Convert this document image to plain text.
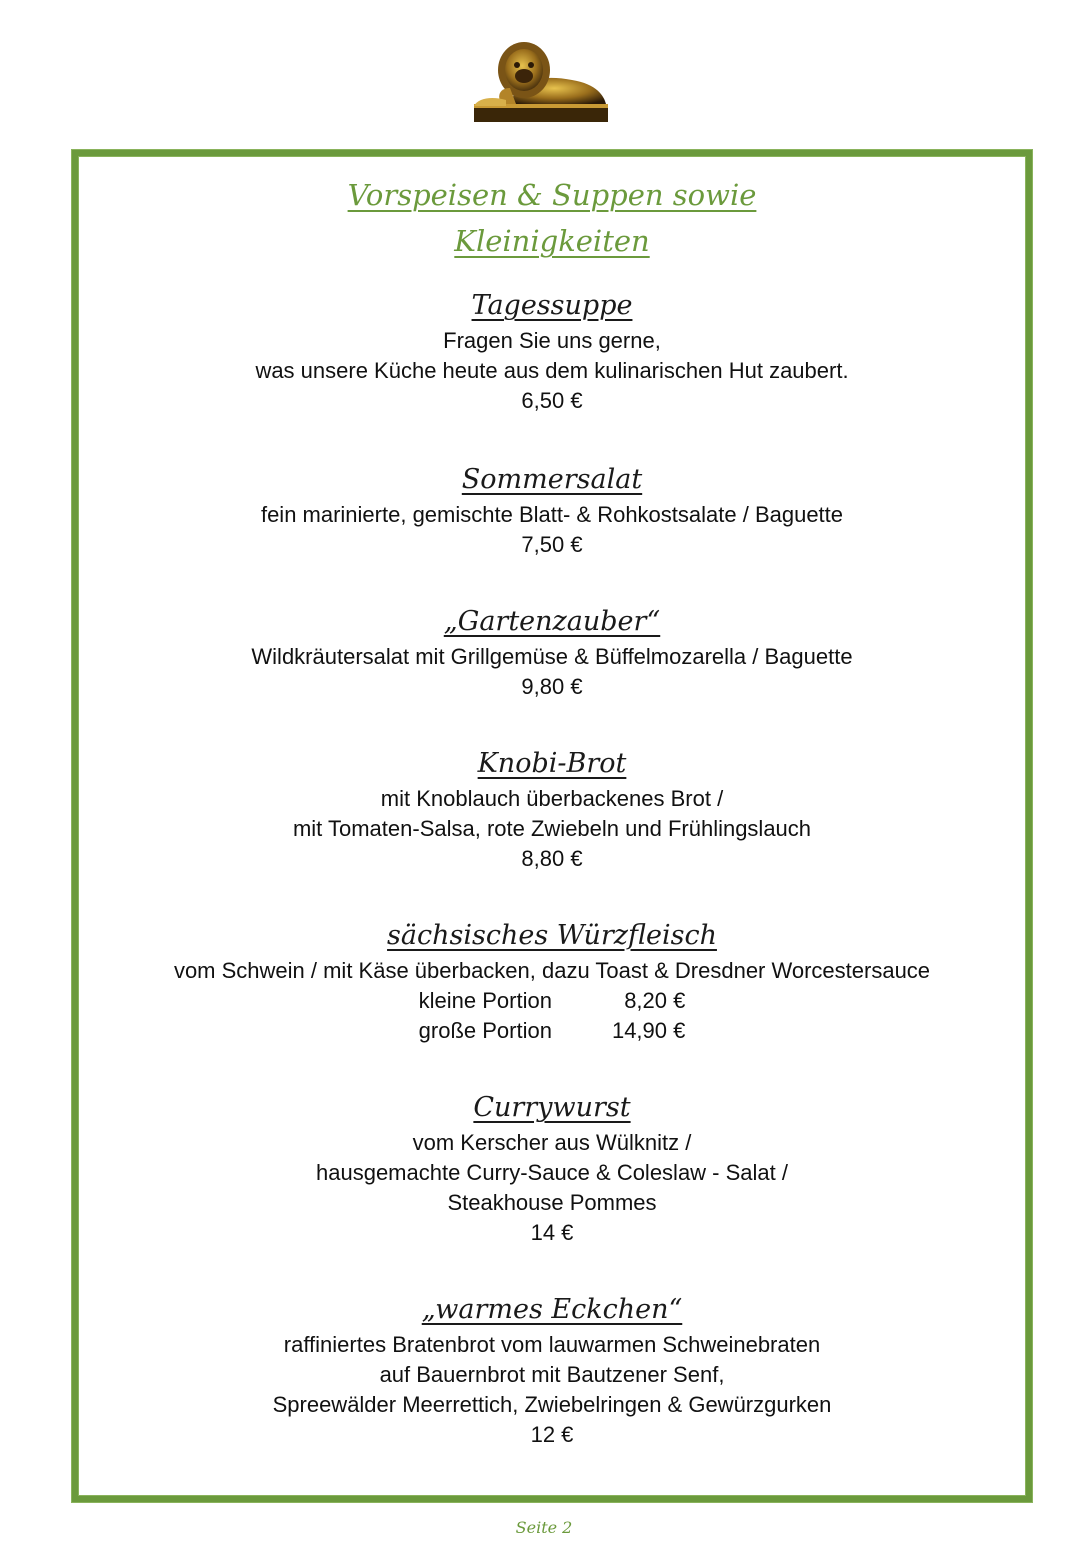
Vorspeisen & Suppen sowie
Kleinigkeiten
Tagessuppe

Fragen Sie uns gerne,

was unsere Küche heute aus dem kulinarischen Hut zaubert.

6,50 €

Sommersalat

fein marinierte, gemischte Blatt- & Rohkostsalate / Baguette

7,50 €

„Gartenzauber“

Wildkräutersalat mit Grillgemüse & Büffelmozarella / Baguette

9,80 €

Knobi-Brot

mit Knoblauch überbackenes Brot /

mit Tomaten-Salsa, rote Zwiebeln und Frühlingslauch

8,80 €

sächsisches Würzfleisch

vom Schwein / mit Käse überbacken, dazu Toast & Dresdner Worcestersauce

kleine Portion	8,20 €
große Portion	14,90 €
Currywurst

vom Kerscher aus Wülknitz /

hausgemachte Curry-Sauce & Coleslaw - Salat /

Steakhouse Pommes

14 €

„warmes Eckchen“

raffiniertes Bratenbrot vom lauwarmen Schweinebraten

auf Bauernbrot mit Bautzener Senf,

Spreewälder Meerrettich, Zwiebelringen & Gewürzgurken

12 €

Seite 2
